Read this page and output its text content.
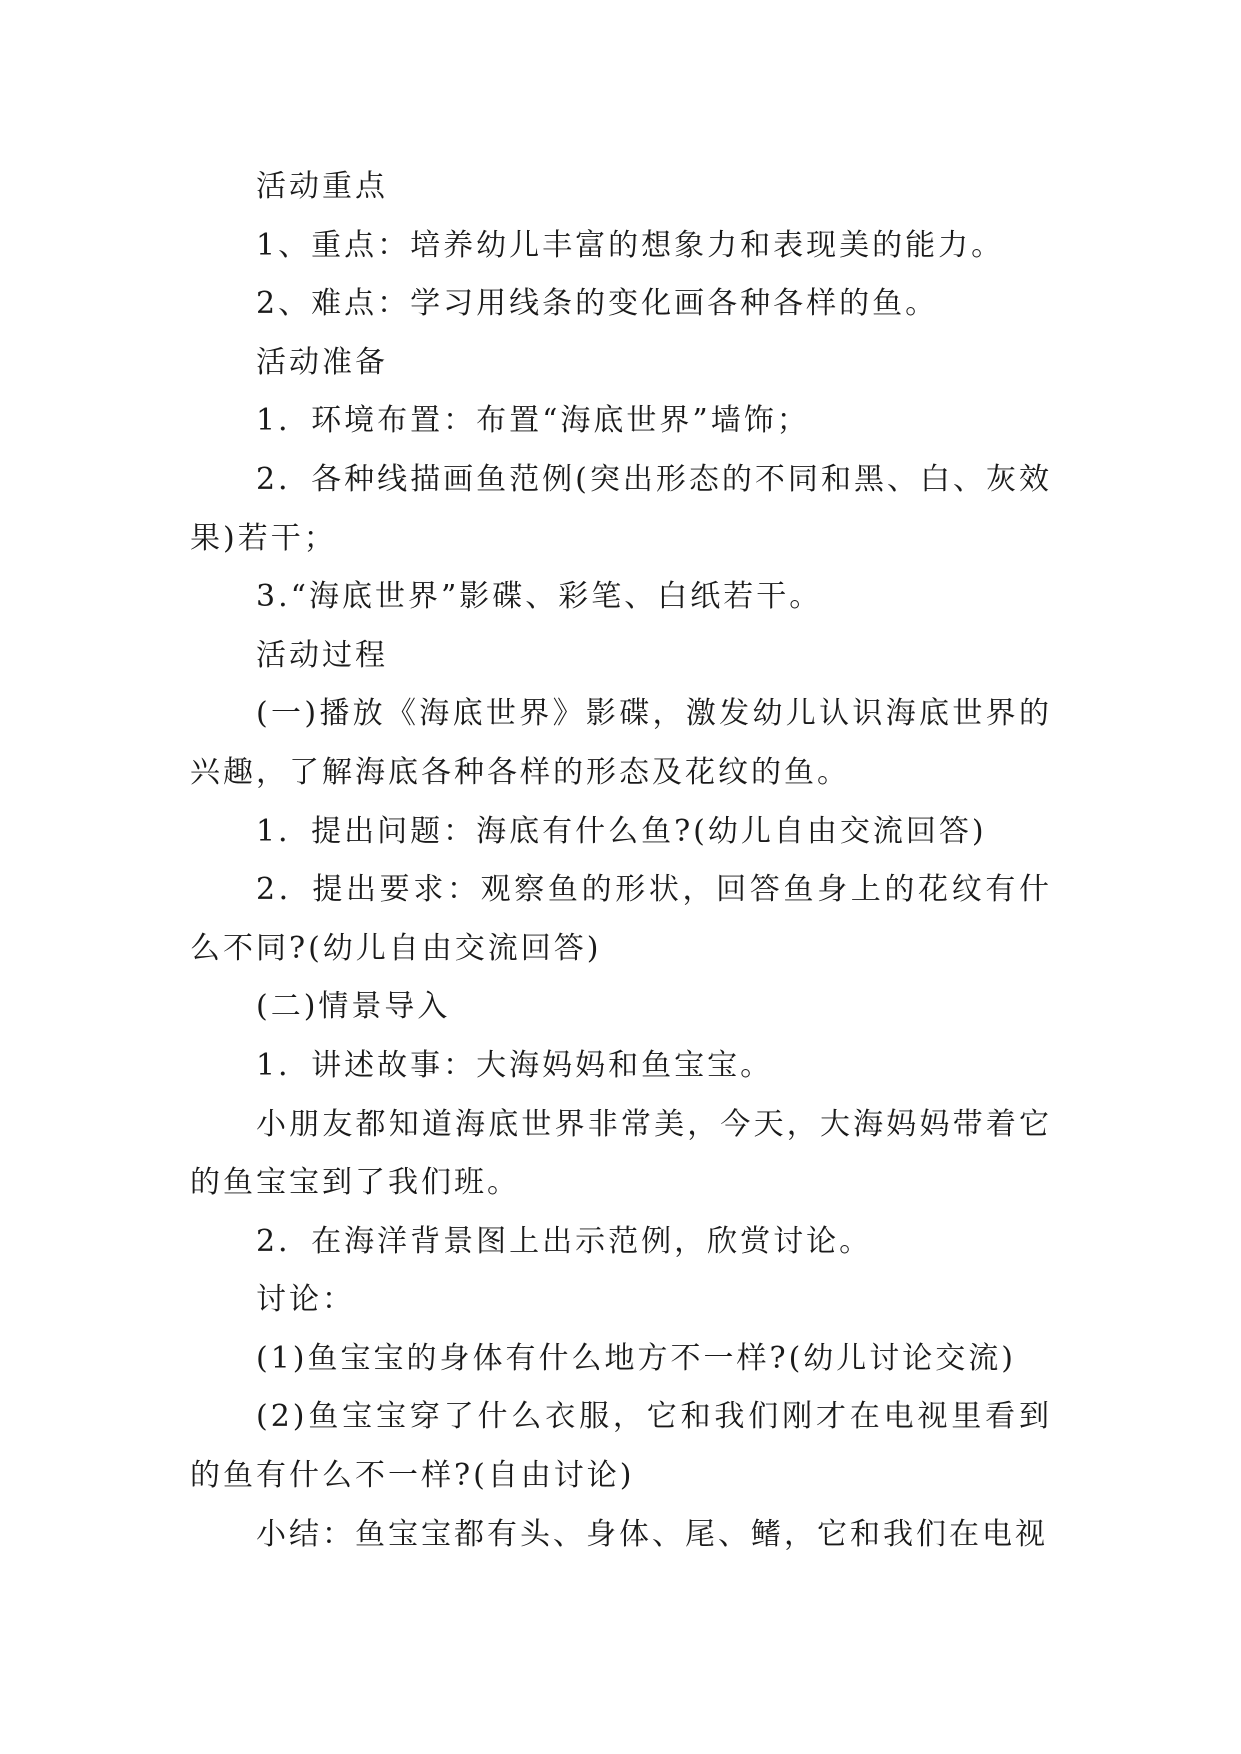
活动重点

1、重点：培养幼儿丰富的想象力和表现美的能力。

2、难点：学习用线条的变化画各种各样的鱼。

活动准备

1．环境布置：布置“海底世界”墙饰；

2．各种线描画鱼范例(突出形态的不同和黑、白、灰效果)若干；

3.“海底世界”影碟、彩笔、白纸若干。

活动过程

(一)播放《海底世界》影碟，激发幼儿认识海底世界的兴趣，了解海底各种各样的形态及花纹的鱼。

1．提出问题：海底有什么鱼?(幼儿自由交流回答)

2．提出要求：观察鱼的形状，回答鱼身上的花纹有什么不同?(幼儿自由交流回答)

(二)情景导入

1．讲述故事：大海妈妈和鱼宝宝。

小朋友都知道海底世界非常美，今天，大海妈妈带着它的鱼宝宝到了我们班。

2．在海洋背景图上出示范例，欣赏讨论。

讨论：

(1)鱼宝宝的身体有什么地方不一样?(幼儿讨论交流)

(2)鱼宝宝穿了什么衣服，它和我们刚才在电视里看到的鱼有什么不一样?(自由讨论)

小结：鱼宝宝都有头、身体、尾、鳍，它和我们在电视
